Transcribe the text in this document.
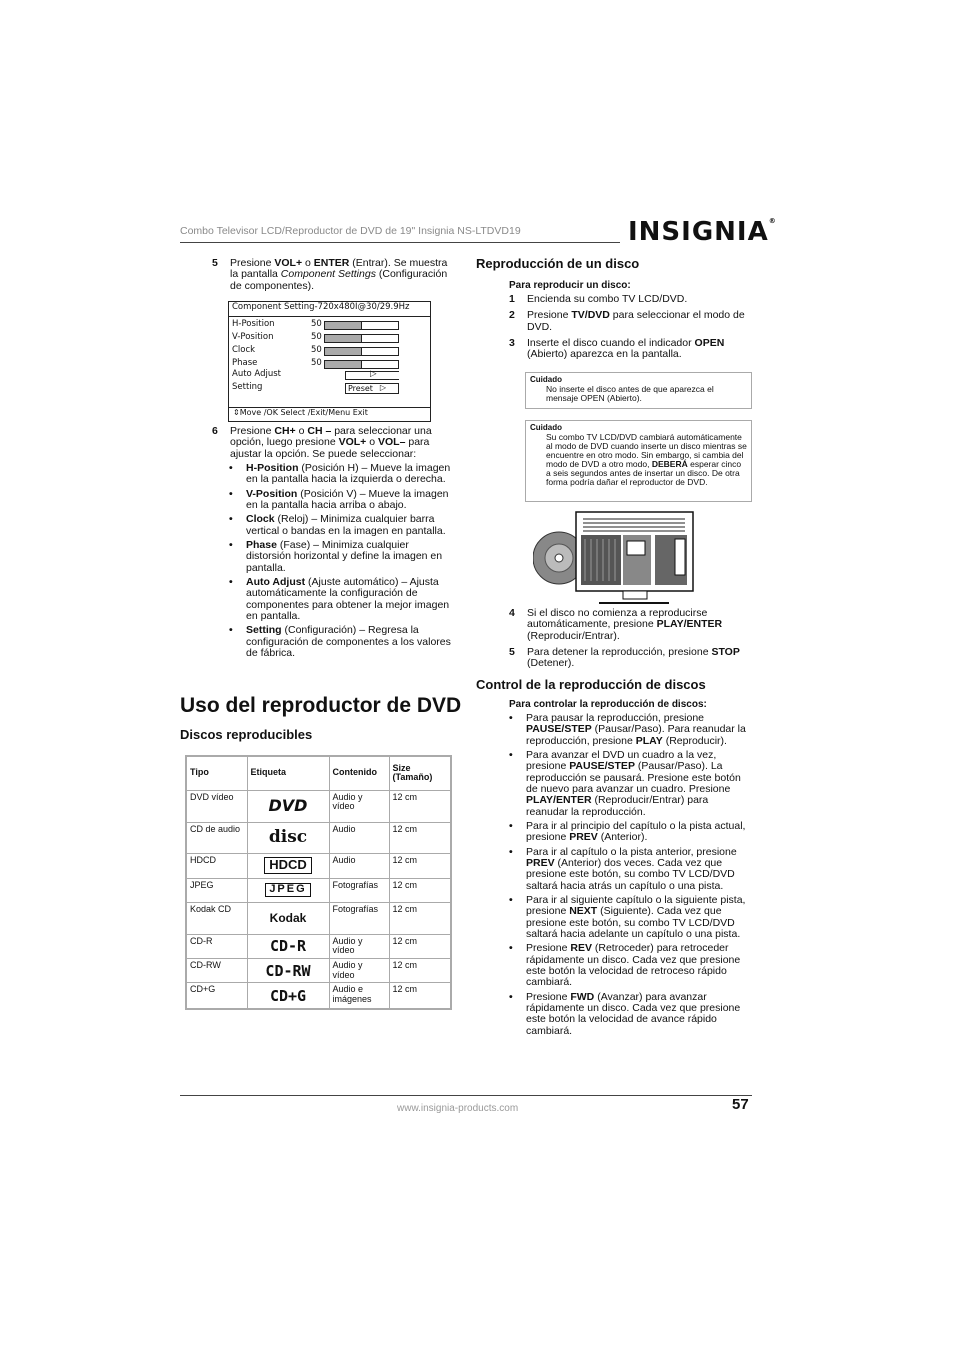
Combo Televisor LCD/Reproductor de DVD de 19" Insignia NS-LTDVD19	INSIGNIA®
5	Presione VOL+ o ENTER (Entrar). Se muestra la pantalla Component Settings (Configuración de componentes).
Component Setting-720x480I@30/29.9Hz
Auto Adjust	▷
Setting	Preset ▷
⇕Move /OK Select /Exit/Menu Exit
H-Position	50
V-Position	50
Clock	50
Phase	50
6	Presione CH+ o CH – para seleccionar una opción, luego presione VOL+ o VOL– para ajustar la opción. Se puede seleccionar:
•	H-Position (Posición H) – Mueve la imagen en la pantalla hacia la izquierda o derecha.
•	V-Position (Posición V) – Mueve la imagen en la pantalla hacia arriba o abajo.
•	Clock (Reloj) – Minimiza cualquier barra vertical o bandas en la imagen en pantalla.
•	Phase (Fase) – Minimiza cualquier distorsión horizontal y define la imagen en pantalla.
•	Auto Adjust (Ajuste automático) – Ajusta automáticamente la configuración de componentes para obtener la mejor imagen en pantalla.
•	Setting (Configuración) – Regresa la configuración de componentes a los valores de fábrica.
Uso del reproductor de DVD
Discos reproducibles
Tipo	Etiqueta	Contenido	Size (Tamaño)
DVD vídeo	DVD	Audio y vídeo	12 cm
CD de audio	disc	Audio	12 cm
HDCD	HDCD	Audio	12 cm
JPEG	JPEG	Fotografías	12 cm
Kodak CD	Kodak	Fotografías	12 cm
CD-R	CD-R	Audio y vídeo	12 cm
CD-RW	CD-RW	Audio y vídeo	12 cm
CD+G	CD+G	Audio e imágenes	12 cm
Reproducción de un disco
Para reproducir un disco:
1	Encienda su combo TV LCD/DVD.
2	Presione TV/DVD para seleccionar el modo de DVD.
3	Inserte el disco cuando el indicador OPEN (Abierto) aparezca en la pantalla.
Cuidado
No inserte el disco antes de que aparezca el mensaje OPEN (Abierto).
Cuidado
Su combo TV LCD/DVD cambiará automáticamente al modo de DVD cuando inserte un disco mientras se encuentre en otro modo. Sin embargo, si cambia del modo de DVD a otro modo, DEBERÁ esperar cinco a seis segundos antes de insertar un disco. De otra forma podría dañar el reproductor de DVD.
4	Si el disco no comienza a reproducirse automáticamente, presione PLAY/ENTER (Reproducir/Entrar).
5	Para detener la reproducción, presione STOP (Detener).
Control de la reproducción de discos
Para controlar la reproducción de discos:
•	Para pausar la reproducción, presione PAUSE/STEP (Pausar/Paso). Para reanudar la reproducción, presione PLAY (Reproducir).
•	Para avanzar el DVD un cuadro a la vez, presione PAUSE/STEP (Pausar/Paso). La reproducción se pausará. Presione este botón de nuevo para avanzar un cuadro. Presione PLAY/ENTER (Reproducir/Entrar) para reanudar la reproducción.
•	Para ir al principio del capítulo o la pista actual, presione PREV (Anterior).
•	Para ir al capítulo o la pista anterior, presione PREV (Anterior) dos veces. Cada vez que presione este botón, su combo TV LCD/DVD saltará hacia atrás un capítulo o una pista.
•	Para ir al siguiente capítulo o la siguiente pista, presione NEXT (Siguiente). Cada vez que presione este botón, su combo TV LCD/DVD saltará hacia adelante un capítulo o una pista.
•	Presione REV (Retroceder) para retroceder rápidamente un disco. Cada vez que presione este botón la velocidad de retroceso rápido cambiará.
•	Presione FWD (Avanzar) para avanzar rápidamente un disco. Cada vez que presione este botón la velocidad de avance rápido cambiará.
www.insignia-products.com	57
